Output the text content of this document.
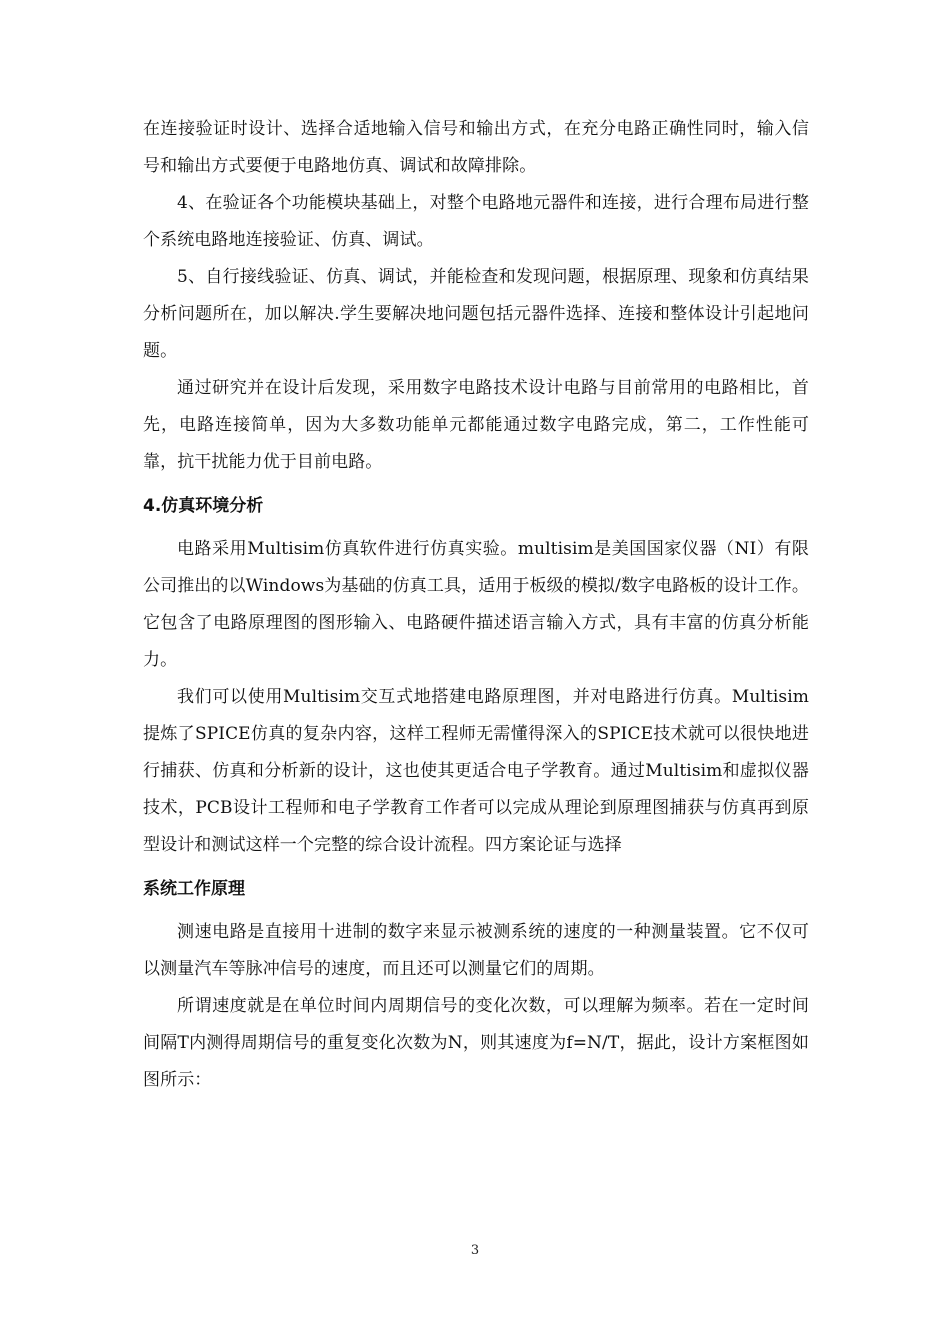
在连接验证时设计、选择合适地输入信号和输出方式，在充分电路正确性同时，输入信号和输出方式要便于电路地仿真、调试和故障排除。

4、在验证各个功能模块基础上，对整个电路地元器件和连接，进行合理布局进行整个系统电路地连接验证、仿真、调试。

5、自行接线验证、仿真、调试，并能检查和发现问题，根据原理、现象和仿真结果分析问题所在，加以解决.学生要解决地问题包括元器件选择、连接和整体设计引起地问题。

通过研究并在设计后发现，采用数字电路技术设计电路与目前常用的电路相比，首先，电路连接简单，因为大多数功能单元都能通过数字电路完成，第二，工作性能可靠，抗干扰能力优于目前电路。

4.仿真环境分析

电路采用Multisim仿真软件进行仿真实验。multisim是美国国家仪器（NI）有限公司推出的以Windows为基础的仿真工具，适用于板级的模拟/数字电路板的设计工作。它包含了电路原理图的图形输入、电路硬件描述语言输入方式，具有丰富的仿真分析能力。

我们可以使用Multisim交互式地搭建电路原理图，并对电路进行仿真。Multisim提炼了SPICE仿真的复杂内容，这样工程师无需懂得深入的SPICE技术就可以很快地进行捕获、仿真和分析新的设计，这也使其更适合电子学教育。通过Multisim和虚拟仪器技术，PCB设计工程师和电子学教育工作者可以完成从理论到原理图捕获与仿真再到原型设计和测试这样一个完整的综合设计流程。四方案论证与选择

系统工作原理

测速电路是直接用十进制的数字来显示被测系统的速度的一种测量装置。它不仅可以测量汽车等脉冲信号的速度，而且还可以测量它们的周期。

所谓速度就是在单位时间内周期信号的变化次数，可以理解为频率。若在一定时间间隔T内测得周期信号的重复变化次数为N，则其速度为f=N/T，据此，设计方案框图如图所示：

3
